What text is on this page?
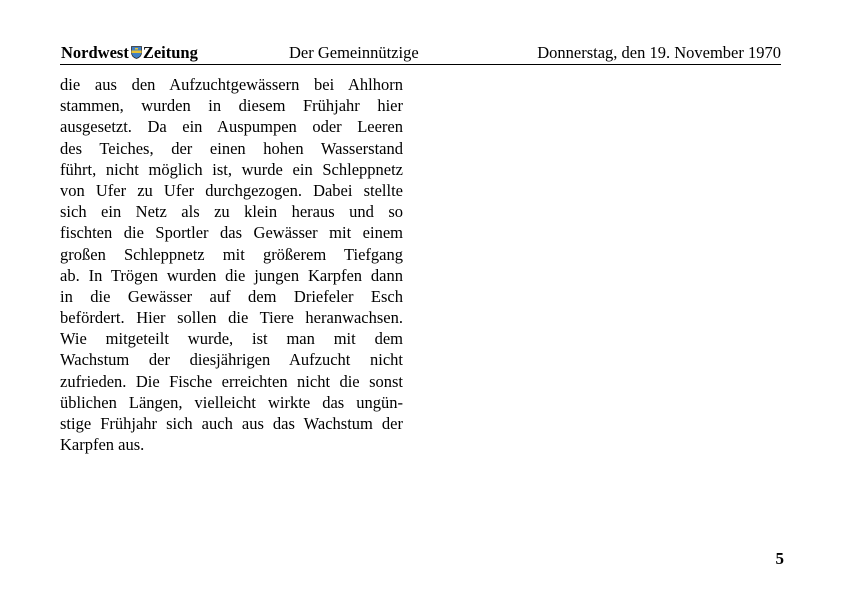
Nordwest Zeitung	Der Gemeinnützige	Donnerstag, den 19. November 1970
die aus den Aufzuchtgewässern bei Ahlhorn
stammen, wurden in diesem Frühjahr hier
ausgesetzt. Da ein Auspumpen oder Leeren
des Teiches, der einen hohen Wasserstand
führt, nicht möglich ist, wurde ein Schleppnetz
von Ufer zu Ufer durchgezogen. Dabei stellte
sich ein Netz als zu klein heraus und so
fischten die Sportler das Gewässer mit einem
großen Schleppnetz mit größerem Tiefgang
ab. In Trögen wurden die jungen Karpfen dann
in die Gewässer auf dem Driefeler Esch
befördert. Hier sollen die Tiere heranwachsen.
Wie mitgeteilt wurde, ist man mit dem
Wachstum der diesjährigen Aufzucht nicht
zufrieden. Die Fische erreichten nicht die sonst
üblichen Längen, vielleicht wirkte das ungün-
stige Frühjahr sich auch aus das Wachstum der
Karpfen aus.
5
